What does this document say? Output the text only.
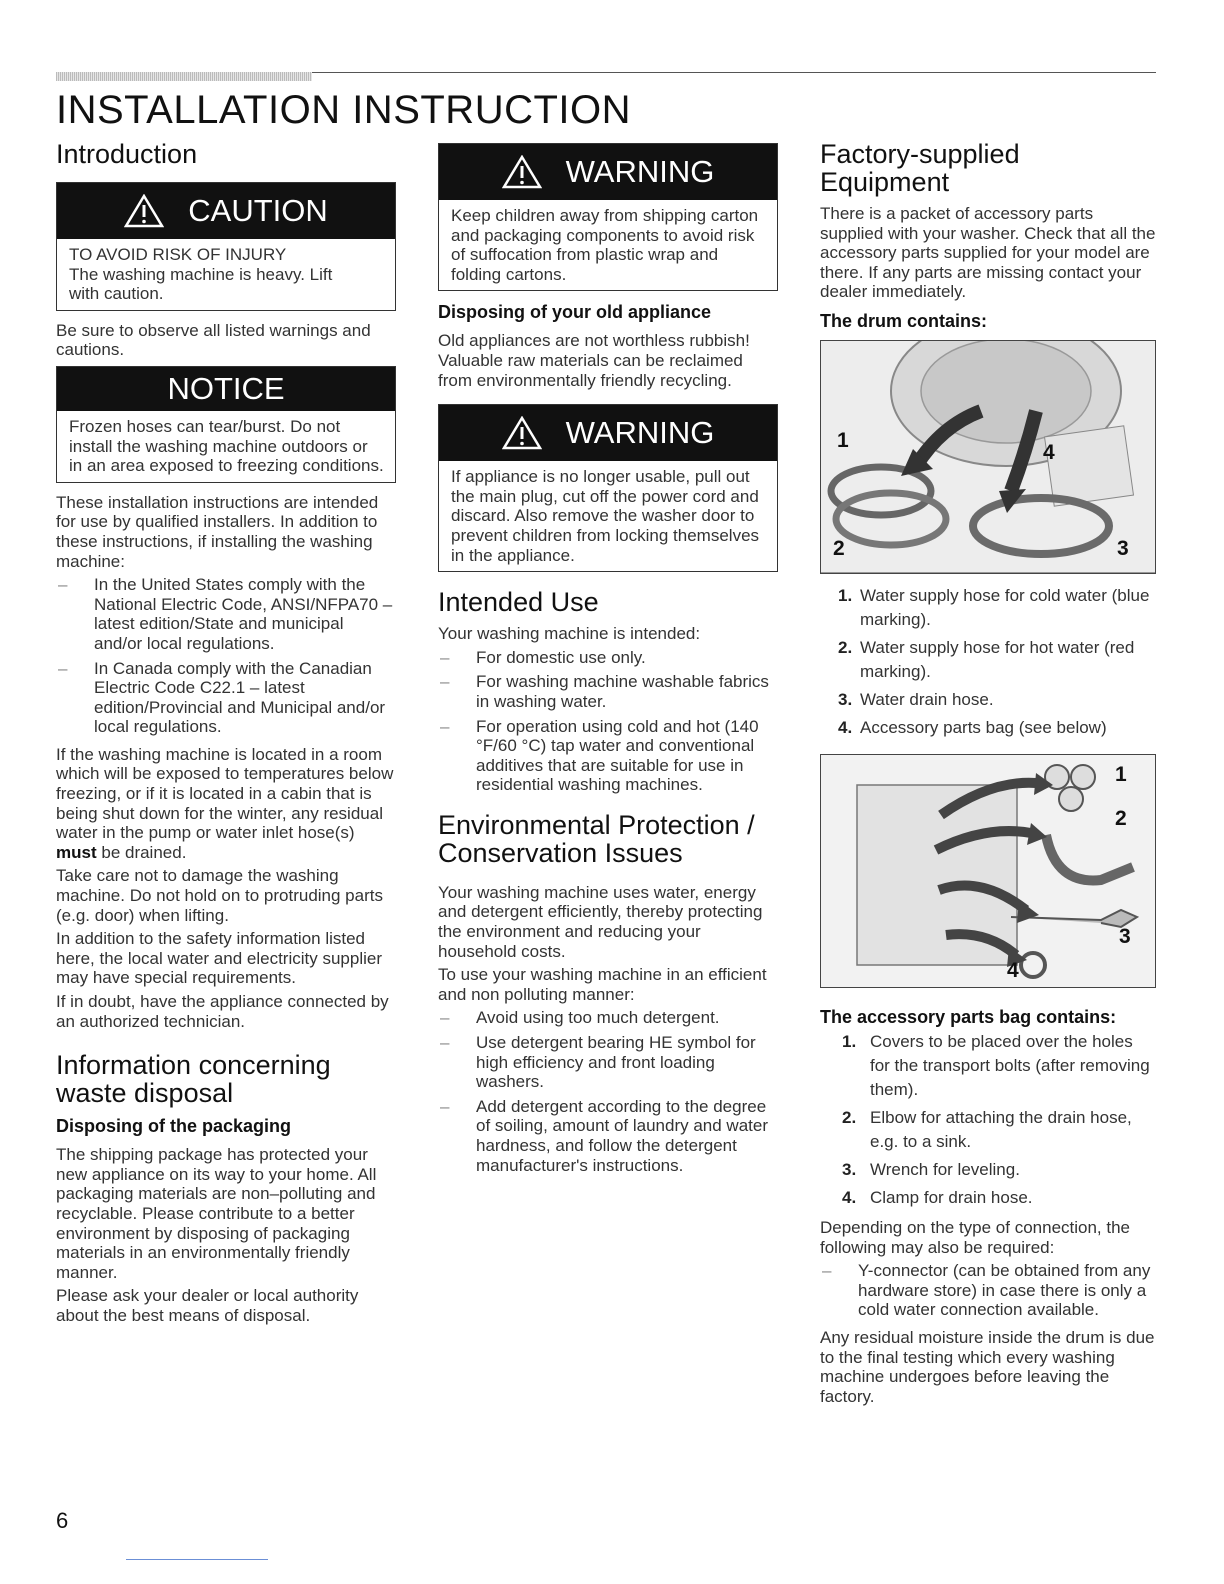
INSTALLATION INSTRUCTION
Introduction
CAUTION
TO AVOID RISK OF INJURY
The washing machine is heavy. Lift
with caution.

Be sure to observe all listed warnings and cautions.

NOTICE
Frozen hoses can tear/burst. Do not install the washing machine outdoors or in an area exposed to freezing conditions.

These installation instructions are intended for use by qualified installers. In addition to these instructions, if installing the washing machine:

– In the United States comply with the National Electric Code, ANSI/NFPA70 – latest edition/State and municipal and/or local regulations.
– In Canada comply with the Canadian Electric Code C22.1 – latest edition/Provincial and Municipal and/or local regulations.

If the washing machine is located in a room which will be exposed to temperatures below freezing, or if it is located in a cabin that is being shut down for the winter, any residual water in the pump or water inlet hose(s) must be drained.

Take care not to damage the washing machine. Do not hold on to protruding parts (e.g. door) when lifting.

In addition to the safety information listed here, the local water and electricity supplier may have special requirements.

If in doubt, have the appliance connected by an authorized technician.

Information concerning waste disposal
Disposing of the packaging

The shipping package has protected your new appliance on its way to your home. All packaging materials are non–polluting and recyclable. Please contribute to a better environment by disposing of packaging materials in an environmentally friendly manner.

Please ask your dealer or local authority about the best means of disposal.

WARNING
Keep children away from shipping carton and packaging components to avoid risk of suffocation from plastic wrap and folding cartons.
Disposing of your old appliance

Old appliances are not worthless rubbish! Valuable raw materials can be reclaimed from environmentally friendly recycling.

WARNING
If appliance is no longer usable, pull out the main plug, cut off the power cord and discard. Also remove the washer door to prevent children from locking themselves in the appliance.
Intended Use

Your washing machine is intended:

– For domestic use only.
– For washing machine washable fabrics in washing water.
– For operation using cold and hot (140 °F/60 °C) tap water and conventional additives that are suitable for use in residential washing machines.
Environmental Protection / Conservation Issues

Your washing machine uses water, energy and detergent efficiently, thereby protecting the environment and reducing your household costs.

To use your washing machine in an efficient and non polluting manner:

– Avoid using too much detergent.
– Use detergent bearing HE symbol for high efficiency and front loading washers.
– Add detergent according to the degree of soiling, amount of laundry and water hardness, and follow the detergent manufacturer's instructions.
Factory-supplied Equipment

There is a packet of accessory parts supplied with your washer. Check that all the accessory parts supplied for your model are there. If any parts are missing contact your dealer immediately.

The drum contains:
1
2	3
4
1. Water supply hose for cold water (blue marking).
2. Water supply hose for hot water (red marking).
3. Water drain hose.
4. Accessory parts bag (see below)
1
2
3
4
The accessory parts bag contains:
1. Covers to be placed over the holes for the transport bolts (after removing them).
2. Elbow for attaching the drain hose, e.g. to a sink.
3. Wrench for leveling.
4. Clamp for drain hose.

Depending on the type of connection, the following may also be required:

– Y-connector (can be obtained from any hardware store) in case there is only a cold water connection available.

Any residual moisture inside the drum is due to the final testing which every washing machine undergoes before leaving the factory.

6
